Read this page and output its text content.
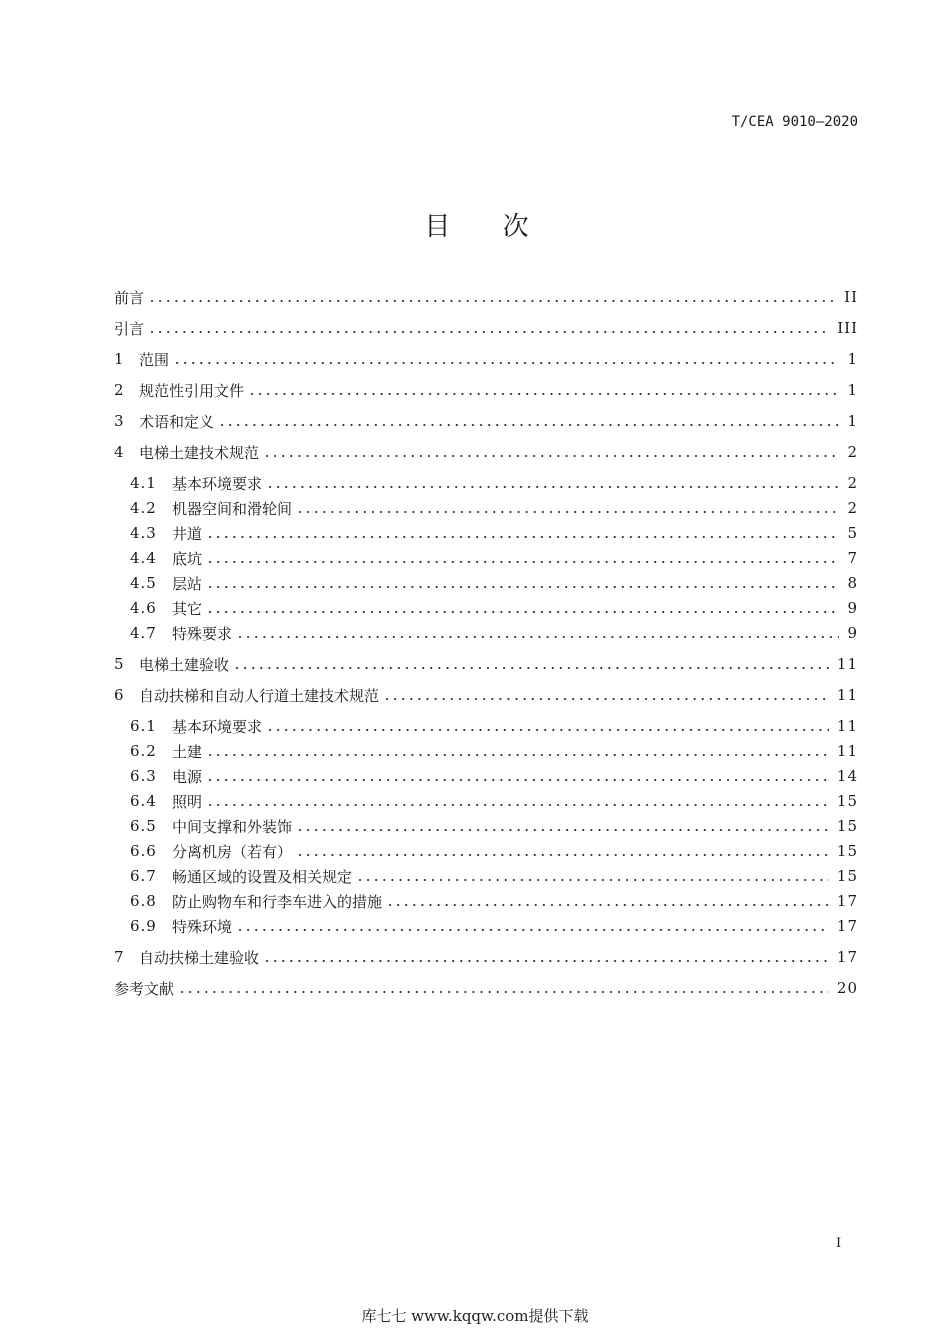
T/CEA 9010—2020
目 次
前言	II
引言	III
1	范围	1
2	规范性引用文件	1
3	术语和定义	1
4	电梯土建技术规范	2
4.1	基本环境要求	2
4.2	机器空间和滑轮间	2
4.3	井道	5
4.4	底坑	7
4.5	层站	8
4.6	其它	9
4.7	特殊要求	9
5	电梯土建验收	11
6	自动扶梯和自动人行道土建技术规范	11
6.1	基本环境要求	11
6.2	土建	11
6.3	电源	14
6.4	照明	15
6.5	中间支撑和外装饰	15
6.6	分离机房（若有）	15
6.7	畅通区域的设置及相关规定	15
6.8	防止购物车和行李车进入的措施	17
6.9	特殊环境	17
7	自动扶梯土建验收	17
参考文献	20
I
库七七 www.kqqw.com提供下载
